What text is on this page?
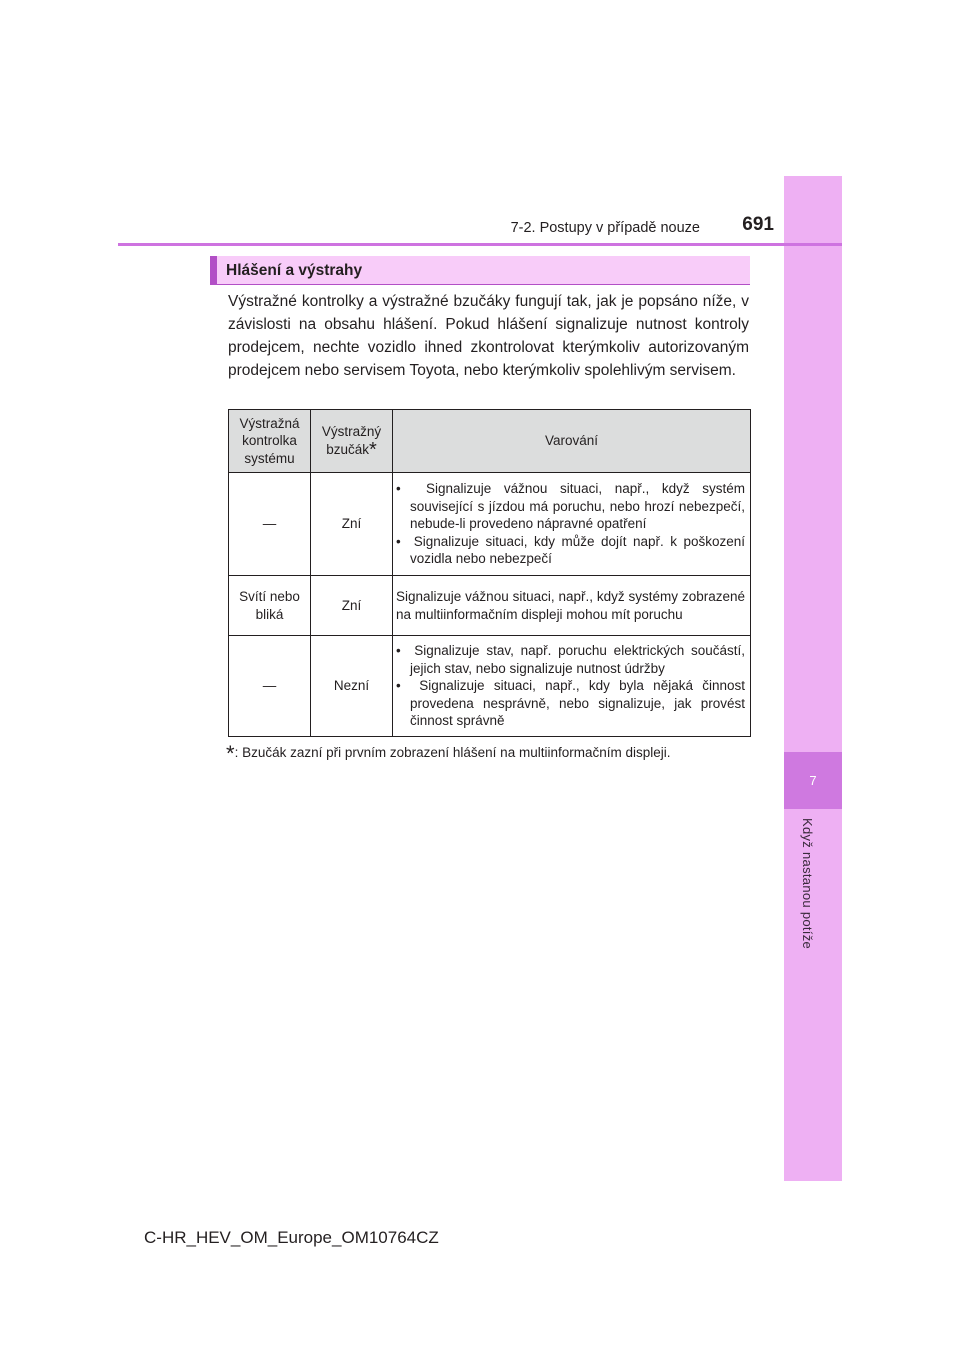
7
Když nastanou potíže
7-2. Postupy v případě nouze	691
Hlášení a výstrahy
Výstražné kontrolky a výstražné bzučáky fungují tak, jak je popsáno níže, v závislosti na obsahu hlášení. Pokud hlášení signalizuje nutnost kontroly prodejcem, nechte vozidlo ihned zkontrolovat kterýmkoliv autorizovaným prodejcem nebo servisem Toyota, nebo kterýmkoliv spolehlivým servisem.
Výstražná kontrolka systému	Výstražný bzučák*	Varování
—	Zní	•  Signalizuje vážnou situaci, např., když systém související s jízdou má poruchu, nebo hrozí nebezpečí, nebude-li provedeno nápravné opatření
•  Signalizuje situaci, kdy může dojít např. k poškození vozidla nebo nebezpečí

Svítí nebo bliká	Zní	Signalizuje vážnou situaci, např., když systémy zobrazené na multiinformačním displeji mohou mít poruchu
—	Nezní	•  Signalizuje stav, např. poruchu elektrických součástí, jejich stav, nebo signalizuje nutnost údržby
•  Signalizuje situaci, např., kdy byla nějaká činnost provedena nesprávně, nebo signalizuje, jak provést činnost správně
*: Bzučák zazní při prvním zobrazení hlášení na multiinformačním displeji.
C-HR_HEV_OM_Europe_OM10764CZ
